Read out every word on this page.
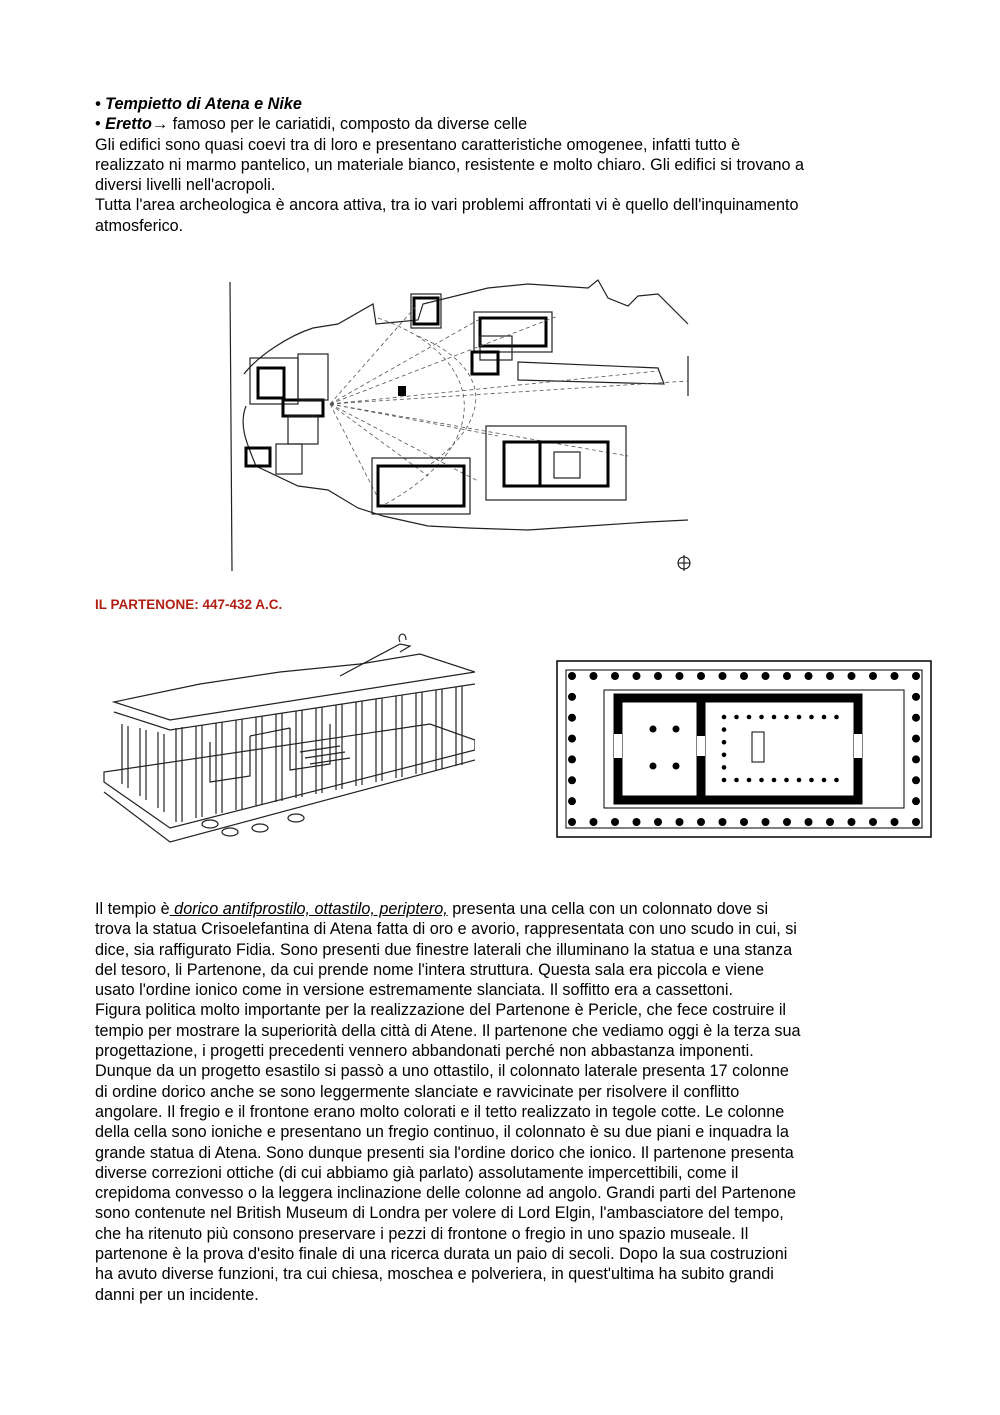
• Tempietto di Atena e Nike
• Eretto→ famoso per le cariatidi, composto da diverse celle
Gli edifici sono quasi coevi tra di loro e presentano caratteristiche omogenee, infatti tutto è
realizzato ni marmo pantelico, un materiale bianco, resistente e molto chiaro. Gli edifici si trovano a
diversi livelli nell'acropoli.
Tutta l'area archeologica è ancora attiva, tra io vari problemi affrontati vi è quello dell'inquinamento
atmosferico.
IL PARTENONE: 447-432 A.C.
Il tempio è dorico antifprostilo, ottastilo, periptero, presenta una cella con un colonnato dove si
trova la statua Crisoelefantina di Atena fatta di oro e avorio, rappresentata con uno scudo in cui, si
dice, sia raffigurato Fidia. Sono presenti due finestre laterali che illuminano la statua e una stanza
del tesoro, li Partenone, da cui prende nome l'intera struttura. Questa sala era piccola e viene
usato l'ordine ionico come in versione estremamente slanciata. Il soffitto era a cassettoni.
Figura politica molto importante per la realizzazione del Partenone è Pericle, che fece costruire il
tempio per mostrare la superiorità della città di Atene. Il partenone che vediamo oggi è la terza sua
progettazione, i progetti precedenti vennero abbandonati perché non abbastanza imponenti.
Dunque da un progetto esastilo si passò a uno ottastilo, il colonnato laterale presenta 17 colonne
di ordine dorico anche se sono leggermente slanciate e ravvicinate per risolvere il conflitto
angolare. Il fregio e il frontone erano molto colorati e il tetto realizzato in tegole cotte. Le colonne
della cella sono ioniche e presentano un fregio continuo, il colonnato è su due piani e inquadra la
grande statua di Atena. Sono dunque presenti sia l'ordine dorico che ionico. Il partenone presenta
diverse correzioni ottiche (di cui abbiamo già parlato) assolutamente impercettibili, come il
crepidoma convesso o la leggera inclinazione delle colonne ad angolo. Grandi parti del Partenone
sono contenute nel British Museum di Londra per volere di Lord Elgin, l'ambasciatore del tempo,
che ha ritenuto più consono preservare i pezzi di frontone o fregio in uno spazio museale. Il
partenone è la prova d'esito finale di una ricerca durata un paio di secoli. Dopo la sua costruzioni
ha avuto diverse funzioni, tra cui chiesa, moschea e polveriera, in quest'ultima ha subito grandi
danni per un incidente.
